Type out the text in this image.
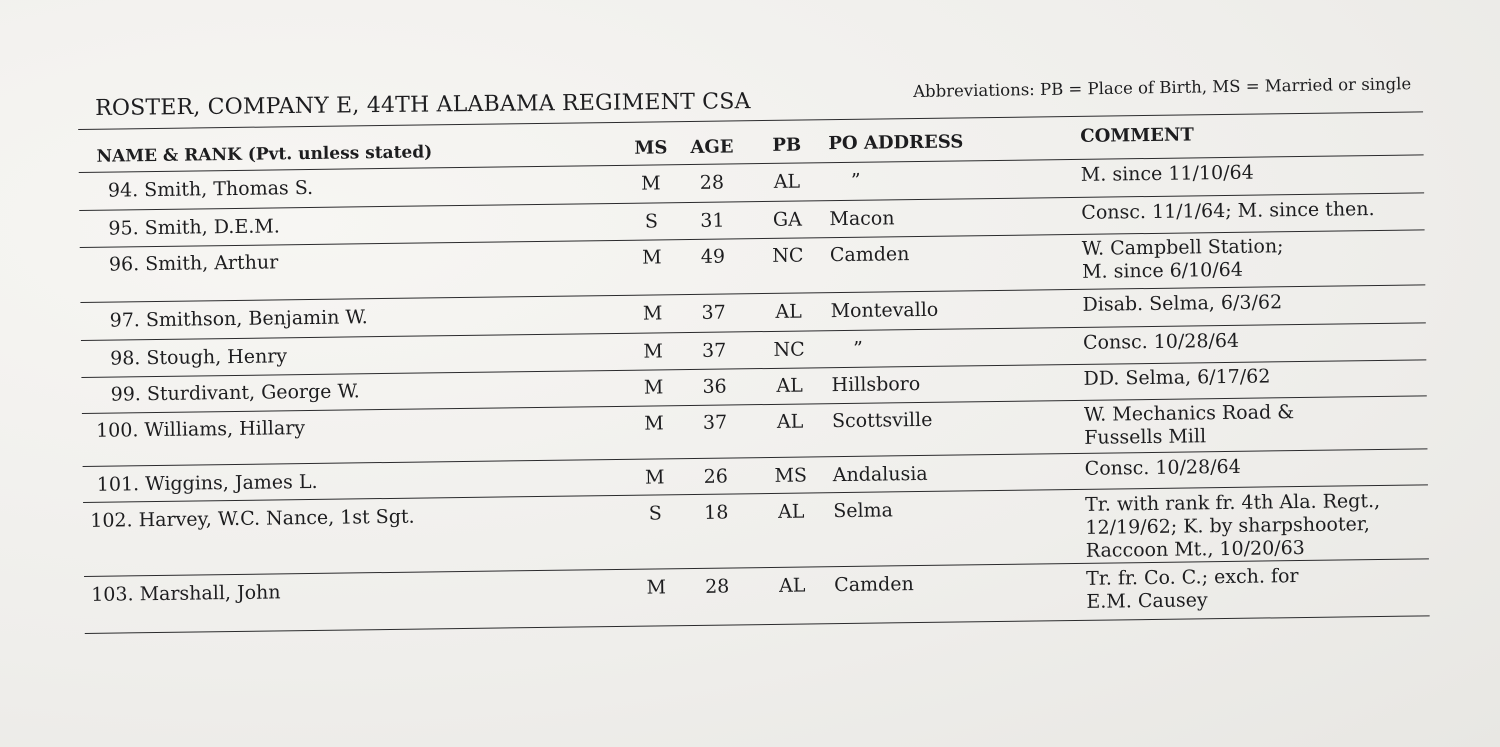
ROSTER, COMPANY E, 44TH ALABAMA REGIMENT CSA
Abbreviations: PB = Place of Birth, MS = Married or single
NAME & RANK (Pvt. unless stated)	MS AGE PB PO ADDRESS	COMMENT
94. Smith, Thomas S.	M 28	AL	”	M. since 11/10/64
95. Smith, D.E.M.	S 31	GA Macon	Consc. 11/1/64; M. since then.
96. Smith, Arthur	M 49 NC Camden	W. Campbell Station;
M. since 6/10/64
97. Smithson, Benjamin W.	M 37	AL	Montevallo	Disab. Selma, 6/3/62
98. Stough, Henry	M 37 NC	”	Consc. 10/28/64
99. Sturdivant, George W.	M 36	AL	Hillsboro	DD. Selma, 6/17/62
100. Williams, Hillary	M 37	AL	Scottsville	W. Mechanics Road &
Fussells Mill
101. Wiggins, James L.	M 26 MS Andalusia	Consc. 10/28/64
102. Harvey, W.C. Nance, 1st Sgt.	S 18	AL	Selma	Tr. with rank fr. 4th Ala. Regt.,
12/19/62; K. by sharpshooter,
Raccoon Mt., 10/20/63
103. Marshall, John	M 28	AL	Camden	Tr. fr. Co. C.; exch. for
E.M. Causey
